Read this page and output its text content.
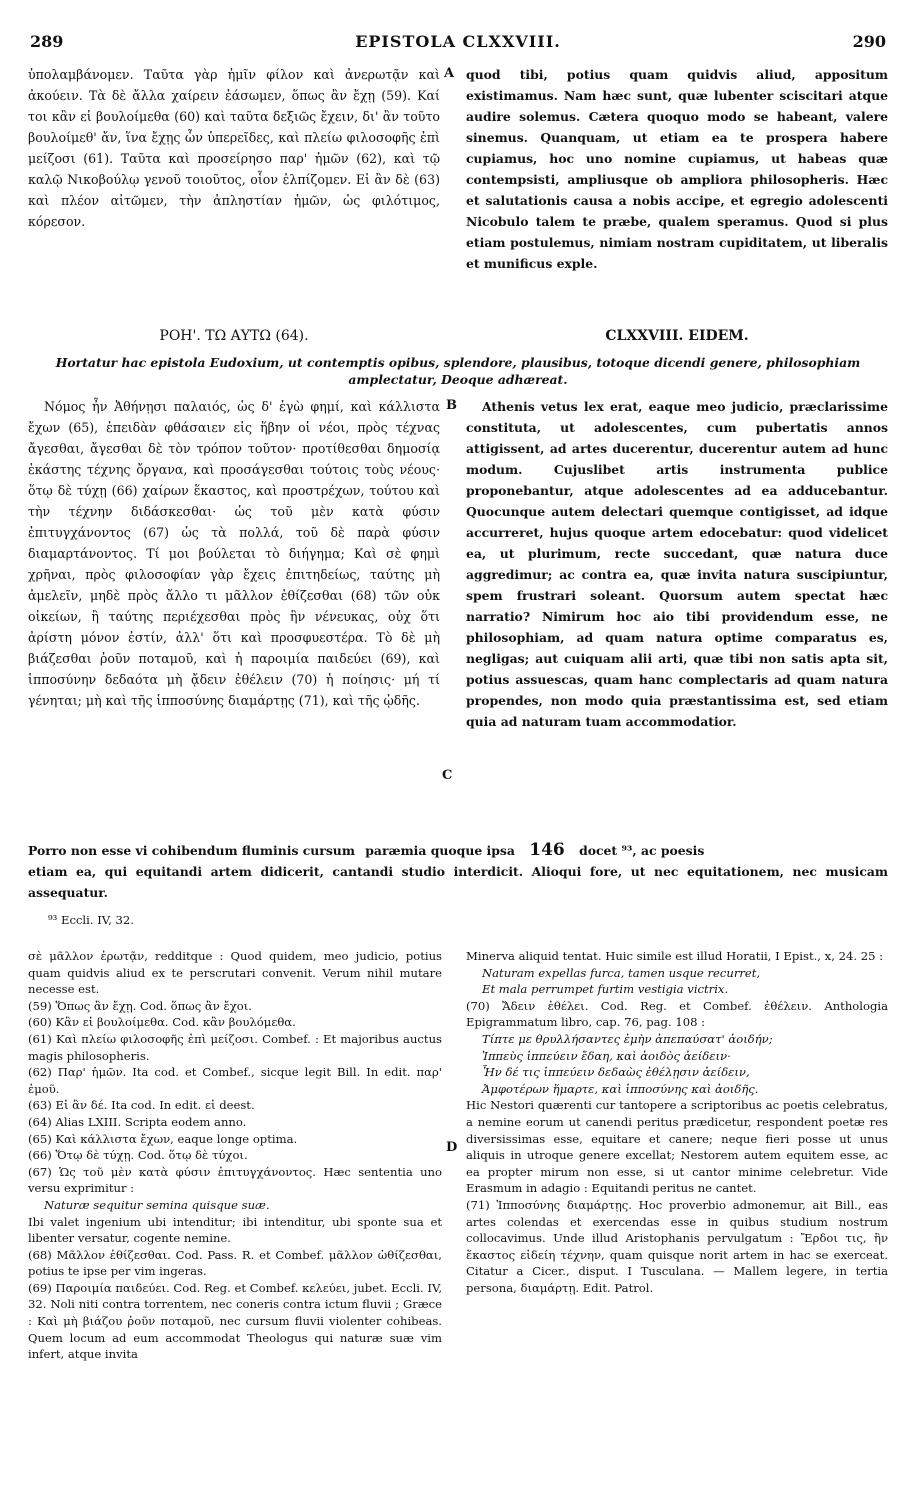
289	EPISTOLA CLXXVIII.	290
ὑπολαμβάνομεν. Ταῦτα γὰρ ἡμῖν φίλον καὶ ἀνερωτᾷν καὶ ἀκούειν. Τὰ δὲ ἄλλα χαίρειν ἐάσωμεν, ὅπως ἂν ἔχῃ (59). Καί τοι κἂν εἰ βουλοίμεθα (60) καὶ ταῦτα δεξιῶς ἔχειν, δι' ἂν τοῦτο βουλοίμεθ' ἄν, ἵνα ἔχῃς ὧν ὑπερεῖδες, καὶ πλείω φιλοσοφῆς ἐπὶ μείζοσι (61). Ταῦτα καὶ προσείρησο παρ' ἡμῶν (62), καὶ τῷ καλῷ Νικοβούλῳ γενοῦ τοιοῦτος, οἷον ἐλπίζομεν. Εἰ ἂν δὲ (63) καὶ πλέον αἰτῶμεν, τὴν ἀπληστίαν ἡμῶν, ὡς φιλότιμος, κόρεσον.
A quod tibi, potius quam quidvis aliud, appositum existimamus. Nam hæc sunt, quæ lubenter sciscitari atque audire solemus. Cætera quoquo modo se habeant, valere sinemus. Quanquam, ut etiam ea te prospera habere cupiamus, hoc uno nomine cupiamus, ut habeas quæ contempsisti, ampliusque ob ampliora philosopheris. Hæc et salutationis causa a nobis accipe, et egregio adolescenti Nicobulo talem te præbe, qualem speramus. Quod si plus etiam postulemus, nimiam nostram cupiditatem, ut liberalis et munificus exple.
ΡΟΗ'. ΤΩ ΑΥΤΩ (64).	CLXXVIII. EIDEM.
Hortatur hac epistola Eudoxium, ut contemptis opibus, splendore, plausibus, totoque dicendi genere, philosophiam amplectatur, Deoque adhæreat.
Νόμος ἦν Ἀθήνῃσι παλαιός, ὡς δ' ἐγὼ φημί, καὶ κάλλιστα ἔχων (65), ἐπειδὰν φθάσαιεν εἰς ἥβην οἱ νέοι, πρὸς τέχνας ἄγεσθαι, ἄγεσθαι δὲ τὸν τρόπον τοῦτον· προτίθεσθαι δημοσίᾳ ἑκάστης τέχνης ὄργανα, καὶ προσάγεσθαι τούτοις τοὺς νέους· ὅτῳ δὲ τύχῃ (66) χαίρων ἕκαστος, καὶ προστρέχων, τούτου καὶ τὴν τέχνην διδάσκεσθαι· ὡς τοῦ μὲν κατὰ φύσιν ἐπιτυγχάνοντος (67) ὡς τὰ πολλά, τοῦ δὲ παρὰ φύσιν διαμαρτάνοντος. Τί μοι βούλεται τὸ διήγημα; Καὶ σὲ φημὶ χρῆναι, πρὸς φιλοσοφίαν γὰρ ἔχεις ἐπιτηδείως, ταύτης μὴ ἀμελεῖν, μηδὲ πρὸς ἄλλο τι μᾶλλον ἐθίζεσθαι (68) τῶν οὐκ οἰκείων, ἢ ταύτης περιέχεσθαι πρὸς ἣν νένευκας, οὐχ ὅτι ἀρίστη μόνον ἐστίν, ἀλλ' ὅτι καὶ προσφυεστέρα. Τὸ δὲ μὴ βιάζεσθαι ῥοῦν ποταμοῦ, καὶ ἡ παροιμία παιδεύει (69), καὶ ἱπποσύνην δεδαότα μὴ ᾄδειν ἐθέλειν (70) ἡ ποίησις· μή τί γένηται; μὴ καὶ τῆς ἱπποσύνης διαμάρτῃς (71), καὶ τῆς ᾠδῆς.
B
C
Athenis vetus lex erat, eaque meo judicio, præclarissime constituta, ut adolescentes, cum pubertatis annos attigissent, ad artes ducerentur, ducerentur autem ad hunc modum. Cujuslibet artis instrumenta publice proponebantur, atque adolescentes ad ea adducebantur. Quocunque autem delectari quemque contigisset, ad idque accurreret, hujus quoque artem edocebatur: quod videlicet ea, ut plurimum, recte succedant, quæ natura duce aggredimur; ac contra ea, quæ invita natura suscipiuntur, spem frustrari soleant. Quorsum autem spectat hæc narratio? Nimirum hoc aio tibi providendum esse, ne philosophiam, ad quam natura optime comparatus es, negligas; aut cuiquam alii arti, quæ tibi non satis apta sit, potius assuescas, quam hanc complectaris ad quam natura propendes, non modo quia præstantissima est, sed etiam quia ad naturam tuam accommodatior.
Porro non esse vi cohibendum fluminis cursum paræmia quoque ipsa 146 docet ⁹³, ac poesis
etiam ea, qui equitandi artem didicerit, cantandi studio interdicit. Alioqui fore, ut nec equitationem, nec musicam assequatur.
⁹³ Eccli. IV, 32.

σὲ μᾶλλον ἐρωτᾷν, redditque : Quod quidem, meo judicio, potius quam quidvis aliud ex te perscrutari convenit. Verum nihil mutare necesse est.

(59) Ὅπως ἂν ἔχῃ. Cod. ὅπως ἂν ἔχοι.

(60) Κἂν εἰ βουλοίμεθα. Cod. κἂν βουλόμεθα.

(61) Καὶ πλείω φιλοσοφῆς ἐπὶ μείζοσι. Combef. : Et majoribus auctus magis philosopheris.

(62) Παρ' ἡμῶν. Ita cod. et Combef., sicque legit Bill. In edit. παρ' ἐμοῦ.

(63) Εἰ ἂν δέ. Ita cod. In edit. εἰ deest.

(64) Alias LXIII. Scripta eodem anno.

(65) Καὶ κάλλιστα ἔχων, eaque longe optima.

(66) Ὅτῳ δὲ τύχῃ. Cod. ὅτῳ δὲ τύχοι.

(67) Ὡς τοῦ μὲν κατὰ φύσιν ἐπιτυγχάνοντος. Hæc sententia uno versu exprimitur :

Naturæ sequitur semina quisque suæ.

Ibi valet ingenium ubi intenditur; ibi intenditur, ubi sponte sua et libenter versatur, cogente nemine.

(68) Μᾶλλον ἐθίζεσθαι. Cod. Pass. R. et Combef. μᾶλλον ὠθίζεσθαι, potius te ipse per vim ingeras.

(69) Παροιμία παιδεύει. Cod. Reg. et Combef. κελεύει, jubet. Eccli. IV, 32. Noli niti contra torrentem, nec coneris contra ictum fluvii ; Græce : Καὶ μὴ βιάζου ῥοῦν ποταμοῦ, nec cursum fluvii violenter cohibeas. Quem locum ad eum accommodat Theologus qui naturæ suæ vim infert, atque invita

D

Minerva aliquid tentat. Huic simile est illud Horatii, I Epist., x, 24. 25 :

Naturam expellas furca, tamen usque recurret,

Et mala perrumpet furtim vestigia victrix.

(70) Ἄδειν ἐθέλει. Cod. Reg. et Combef. ἐθέλειν. Anthologia Epigrammatum libro, cap. 76, pag. 108 :

Τίπτε με θρυλλήσαντες ἐμὴν ἀπεπαύσατ' ἀοιδήν;

Ἱππεὺς ἱππεύειν ἔδαη, καὶ ἀοιδὸς ἀείδειν·

Ἦν δέ τις ἱππεύειν δεδαὼς ἐθέλῃσιν ἀείδειν,

Ἀμφοτέρων ἥμαρτε, καὶ ἱπποσύνης καὶ ἀοιδῆς.

Hic Nestori quærenti cur tantopere a scriptoribus ac poetis celebratus, a nemine eorum ut canendi peritus prædicetur, respondent poetæ res diversissimas esse, equitare et canere; neque fieri posse ut unus aliquis in utroque genere excellat; Nestorem autem equitem esse, ac ea propter mirum non esse, si ut cantor minime celebretur. Vide Erasmum in adagio : Equitandi peritus ne cantet.

(71) Ἱπποσύνης διαμάρτῃς. Hoc proverbio admonemur, ait Bill., eas artes colendas et exercendas esse in quibus studium nostrum collocavimus. Unde illud Aristophanis pervulgatum : Ἔρδοι τις, ἣν ἕκαστος εἰδείη τέχνην, quam quisque norit artem in hac se exerceat. Citatur a Cicer., disput. I Tusculana. — Mallem legere, in tertia persona, διαμάρτῃ. Edit. Patrol.
